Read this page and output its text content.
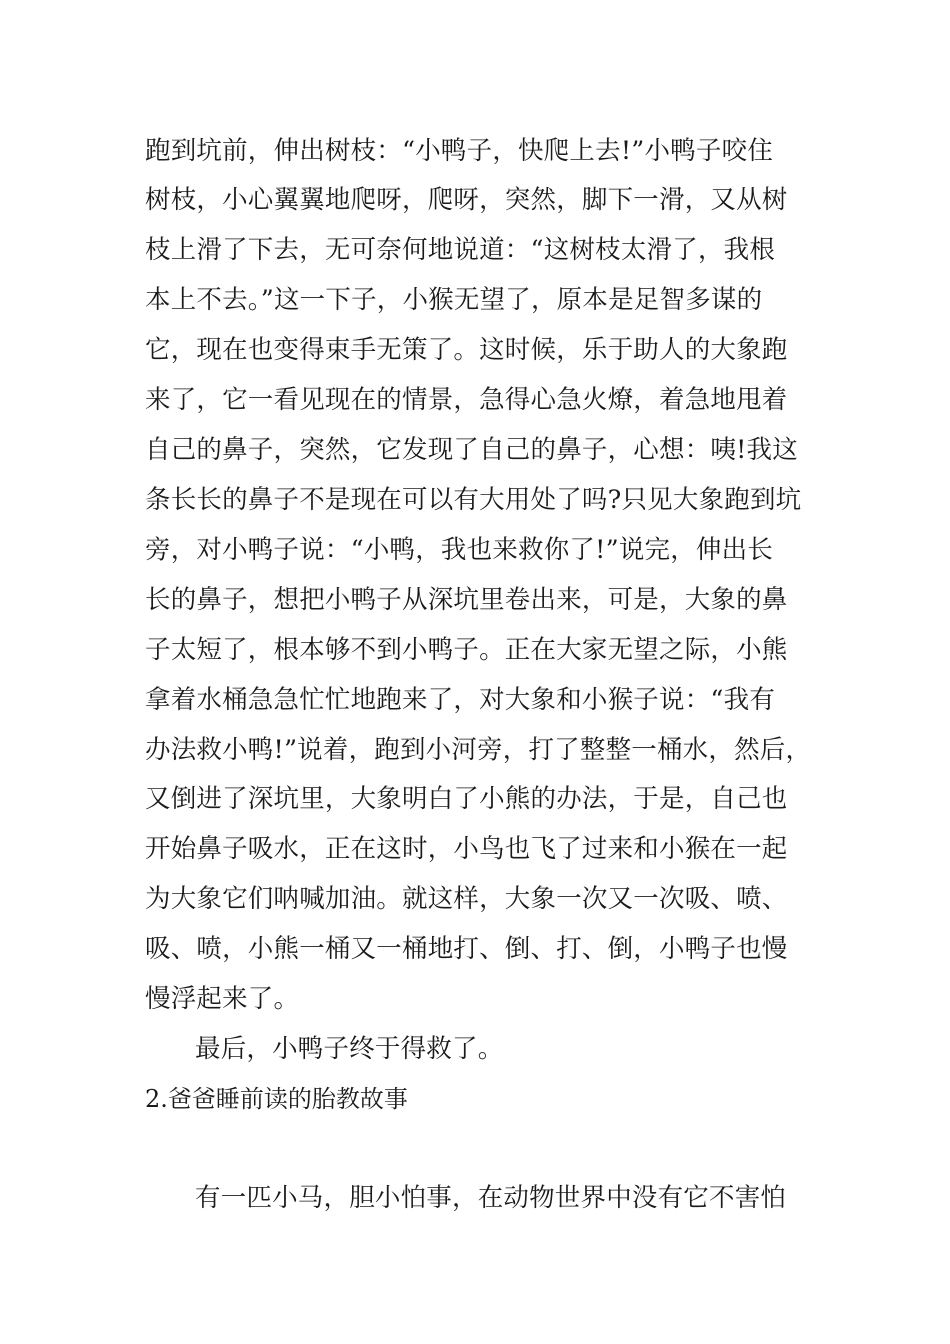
跑到坑前，伸出树枝：“小鸭子，快爬上去!”小鸭子咬住
树枝，小心翼翼地爬呀，爬呀，突然，脚下一滑，又从树
枝上滑了下去，无可奈何地说道：“这树枝太滑了，我根
本上不去。”这一下子，小猴无望了，原本是足智多谋的
它，现在也变得束手无策了。这时候，乐于助人的大象跑
来了，它一看见现在的情景，急得心急火燎，着急地甩着
自己的鼻子，突然，它发现了自己的鼻子，心想：咦!我这
条长长的鼻子不是现在可以有大用处了吗?只见大象跑到坑
旁，对小鸭子说：“小鸭，我也来救你了!”说完，伸出长
长的鼻子，想把小鸭子从深坑里卷出来，可是，大象的鼻
子太短了，根本够不到小鸭子。正在大家无望之际，小熊
拿着水桶急急忙忙地跑来了，对大象和小猴子说：“我有
办法救小鸭!”说着，跑到小河旁，打了整整一桶水，然后，
又倒进了深坑里，大象明白了小熊的办法，于是，自己也
开始鼻子吸水，正在这时，小鸟也飞了过来和小猴在一起
为大象它们呐喊加油。就这样，大象一次又一次吸、喷、
吸、喷，小熊一桶又一桶地打、倒、打、倒，小鸭子也慢
慢浮起来了。
最后，小鸭子终于得救了。
2.爸爸睡前读的胎教故事
有一匹小马，胆小怕事，在动物世界中没有它不害怕
